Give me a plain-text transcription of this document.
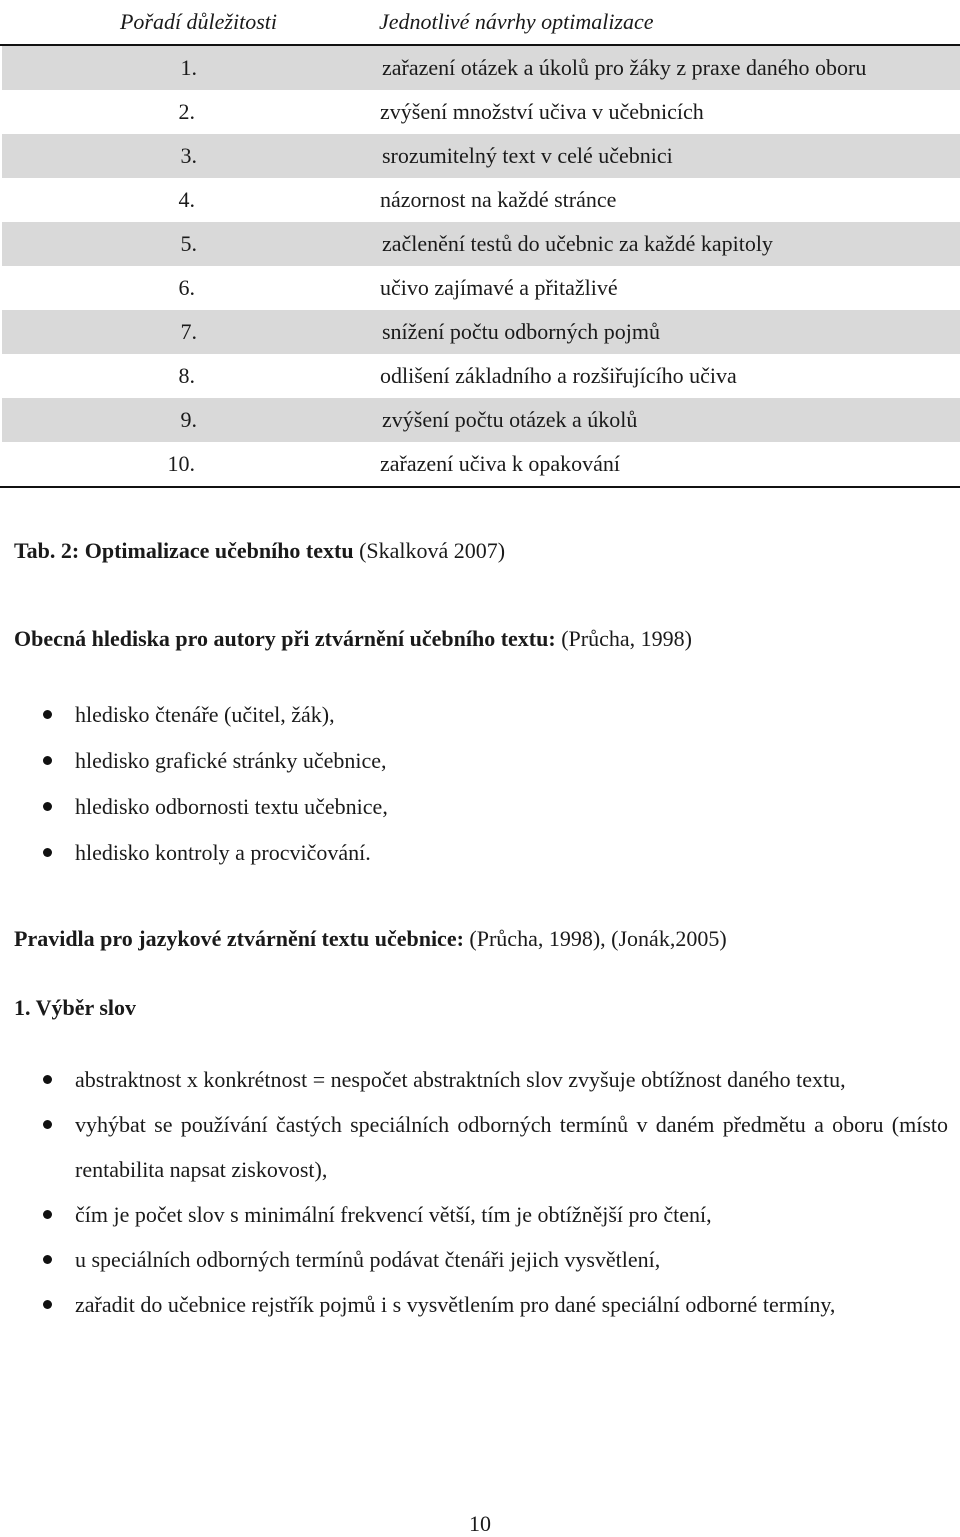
Pořadí důležitosti	Jednotlivé návrhy optimalizace
1.	zařazení otázek a úkolů pro žáky z praxe daného oboru
2.	zvýšení množství učiva v učebnicích
3.	srozumitelný text v celé učebnici
4.	názornost na každé stránce
5.	začlenění testů do učebnic za každé kapitoly
6.	učivo zajímavé a přitažlivé
7.	snížení počtu odborných pojmů
8.	odlišení základního a rozšiřujícího učiva
9.	zvýšení počtu otázek a úkolů
10.	zařazení učiva k opakování
Tab. 2: Optimalizace učebního textu (Skalková 2007)
Obecná hlediska pro autory při ztvárnění učebního textu: (Průcha, 1998)
hledisko čtenáře (učitel, žák),
hledisko grafické stránky učebnice,
hledisko odbornosti textu učebnice,
hledisko kontroly a procvičování.
Pravidla pro jazykové ztvárnění textu učebnice: (Průcha, 1998), (Jonák,2005)
1. Výběr slov
abstraktnost x konkrétnost = nespočet abstraktních slov zvyšuje obtížnost daného textu,
vyhýbat se používání častých speciálních odborných termínů v daném předmětu a oboru (místo rentabilita napsat ziskovost),
čím je počet slov s minimální frekvencí větší, tím je obtížnější pro čtení,
u speciálních odborných termínů podávat čtenáři jejich vysvětlení,
zařadit do učebnice rejstřík pojmů i s vysvětlením pro dané speciální odborné termíny,
10
